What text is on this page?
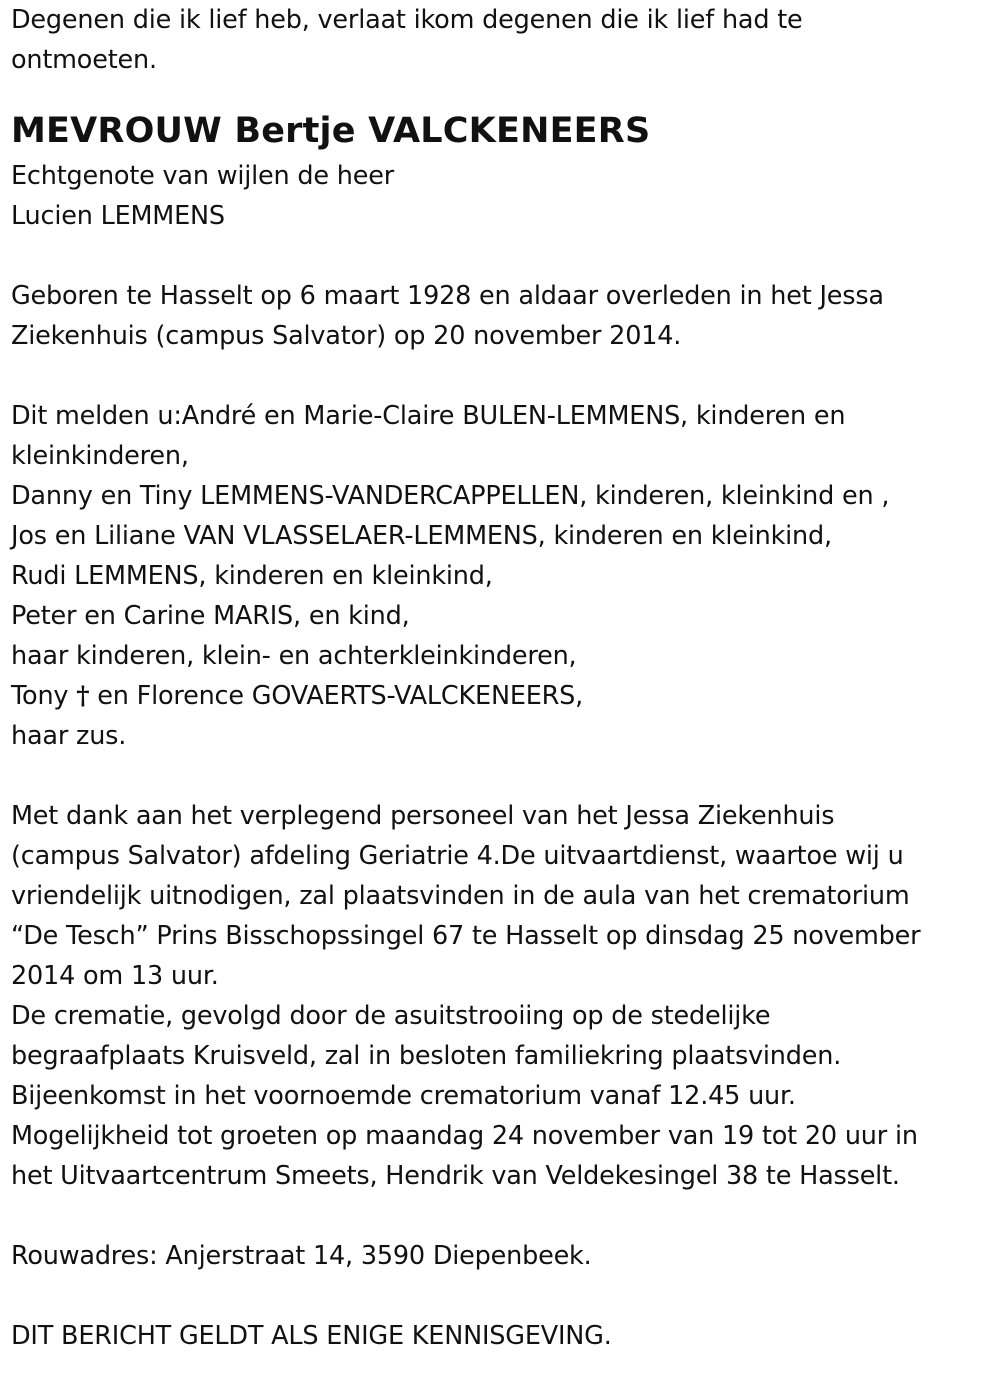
Degenen die ik lief heb, verlaat ikom degenen die ik lief had te
ontmoeten.
MEVROUW Bertje VALCKENEERS
Echtgenote van wijlen de heer
Lucien LEMMENS
Geboren te Hasselt op 6 maart 1928 en aldaar overleden in het Jessa
Ziekenhuis (campus Salvator) op 20 november 2014.
Dit melden u:André en Marie-Claire BULEN-LEMMENS, kinderen en
kleinkinderen,
Danny en Tiny LEMMENS-VANDERCAPPELLEN, kinderen, kleinkind en ,
Jos en Liliane VAN VLASSELAER-LEMMENS, kinderen en kleinkind,
Rudi LEMMENS, kinderen en kleinkind,
Peter en Carine MARIS, en kind,
haar kinderen, klein- en achterkleinkinderen,
Tony † en Florence GOVAERTS-VALCKENEERS,
haar zus.
Met dank aan het verplegend personeel van het Jessa Ziekenhuis
(campus Salvator) afdeling Geriatrie 4.De uitvaartdienst, waartoe wij u
vriendelijk uitnodigen, zal plaatsvinden in de aula van het crematorium
“De Tesch” Prins Bisschopssingel 67 te Hasselt op dinsdag 25 november
2014 om 13 uur.
De crematie, gevolgd door de asuitstrooiing op de stedelijke
begraafplaats Kruisveld, zal in besloten familiekring plaatsvinden.
Bijeenkomst in het voornoemde crematorium vanaf 12.45 uur.
Mogelijkheid tot groeten op maandag 24 november van 19 tot 20 uur in
het Uitvaartcentrum Smeets, Hendrik van Veldekesingel 38 te Hasselt.
Rouwadres: Anjerstraat 14, 3590 Diepenbeek.
DIT BERICHT GELDT ALS ENIGE KENNISGEVING.
